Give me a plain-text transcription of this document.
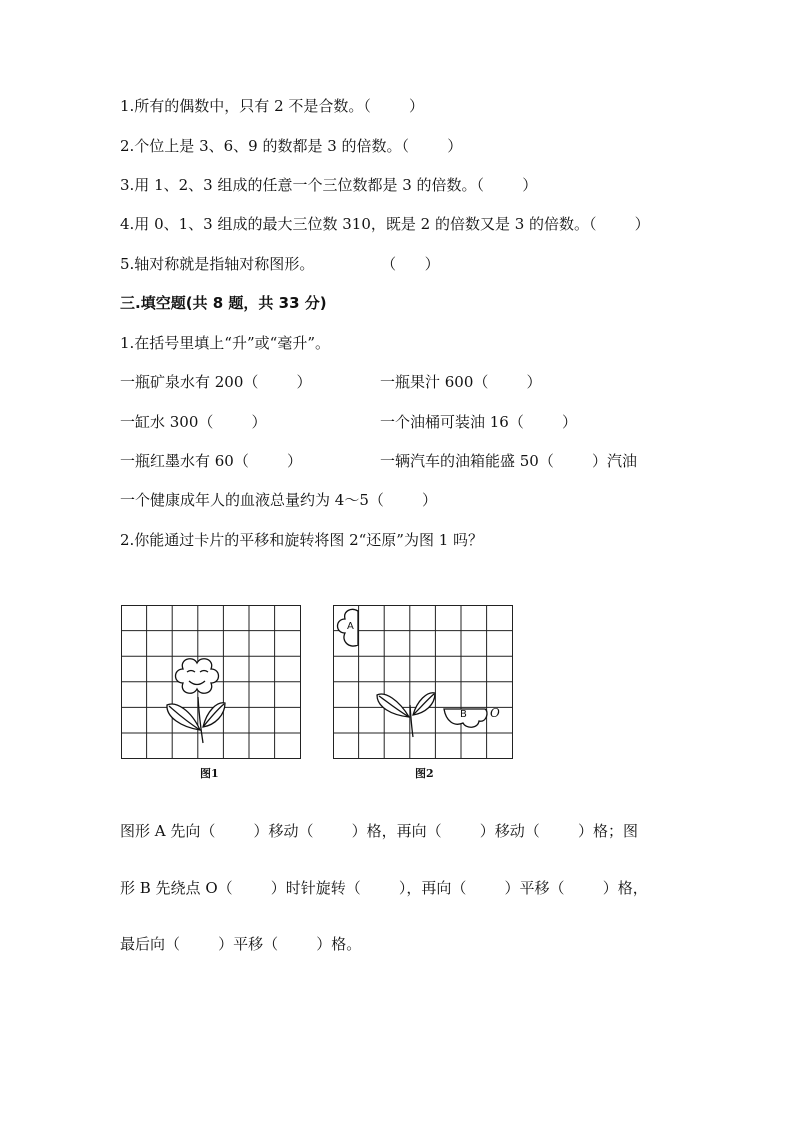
1.所有的偶数中，只有 2 不是合数。（        ）
2.个位上是 3、6、9 的数都是 3 的倍数。（        ）
3.用 1、2、3 组成的任意一个三位数都是 3 的倍数。（        ）
4.用 0、1、3 组成的最大三位数 310，既是 2 的倍数又是 3 的倍数。（        ）
5.轴对称就是指轴对称图形。              （      ）
三.填空题(共 8 题，共 33 分)
1.在括号里填上“升”或“毫升”。
一瓶矿泉水有 200（        ）	一瓶果汁 600（        ）
一缸水 300（        ）	一个油桶可装油 16（        ）
一瓶红墨水有 60（        ）	一辆汽车的油箱能盛 50（        ）汽油
一个健康成年人的血液总量约为 4～5（        ）
2.你能通过卡片的平移和旋转将图 2“还原”为图 1 吗？
图1
A
B O
图2
图形 A 先向（        ）移动（        ）格，再向（        ）移动（        ）格；图
形 B 先绕点 O（        ）时针旋转（        ），再向（        ）平移（        ）格，
最后向（        ）平移（        ）格。
